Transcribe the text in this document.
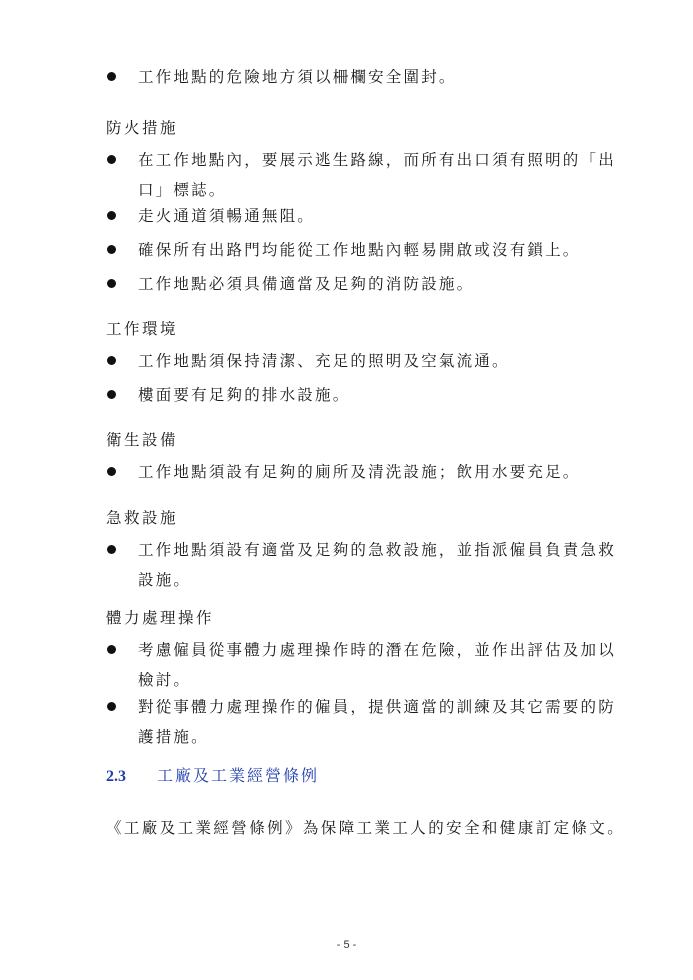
工作地點的危險地方須以柵欄安全圍封。
防火措施
在工作地點內，要展示逃生路線，而所有出口須有照明的「出口」標誌。
走火通道須暢通無阻。
確保所有出路門均能從工作地點內輕易開啟或沒有鎖上。
工作地點必須具備適當及足夠的消防設施。
工作環境
工作地點須保持清潔、充足的照明及空氣流通。
樓面要有足夠的排水設施。
衛生設備
工作地點須設有足夠的廁所及清洗設施；飲用水要充足。
急救設施
工作地點須設有適當及足夠的急救設施，並指派僱員負責急救設施。
體力處理操作
考慮僱員從事體力處理操作時的潛在危險，並作出評估及加以檢討。
對從事體力處理操作的僱員，提供適當的訓練及其它需要的防護措施。
2.3 工廠及工業經營條例
《工廠及工業經營條例》為保障工業工人的安全和健康訂定條文。
- 5 -
